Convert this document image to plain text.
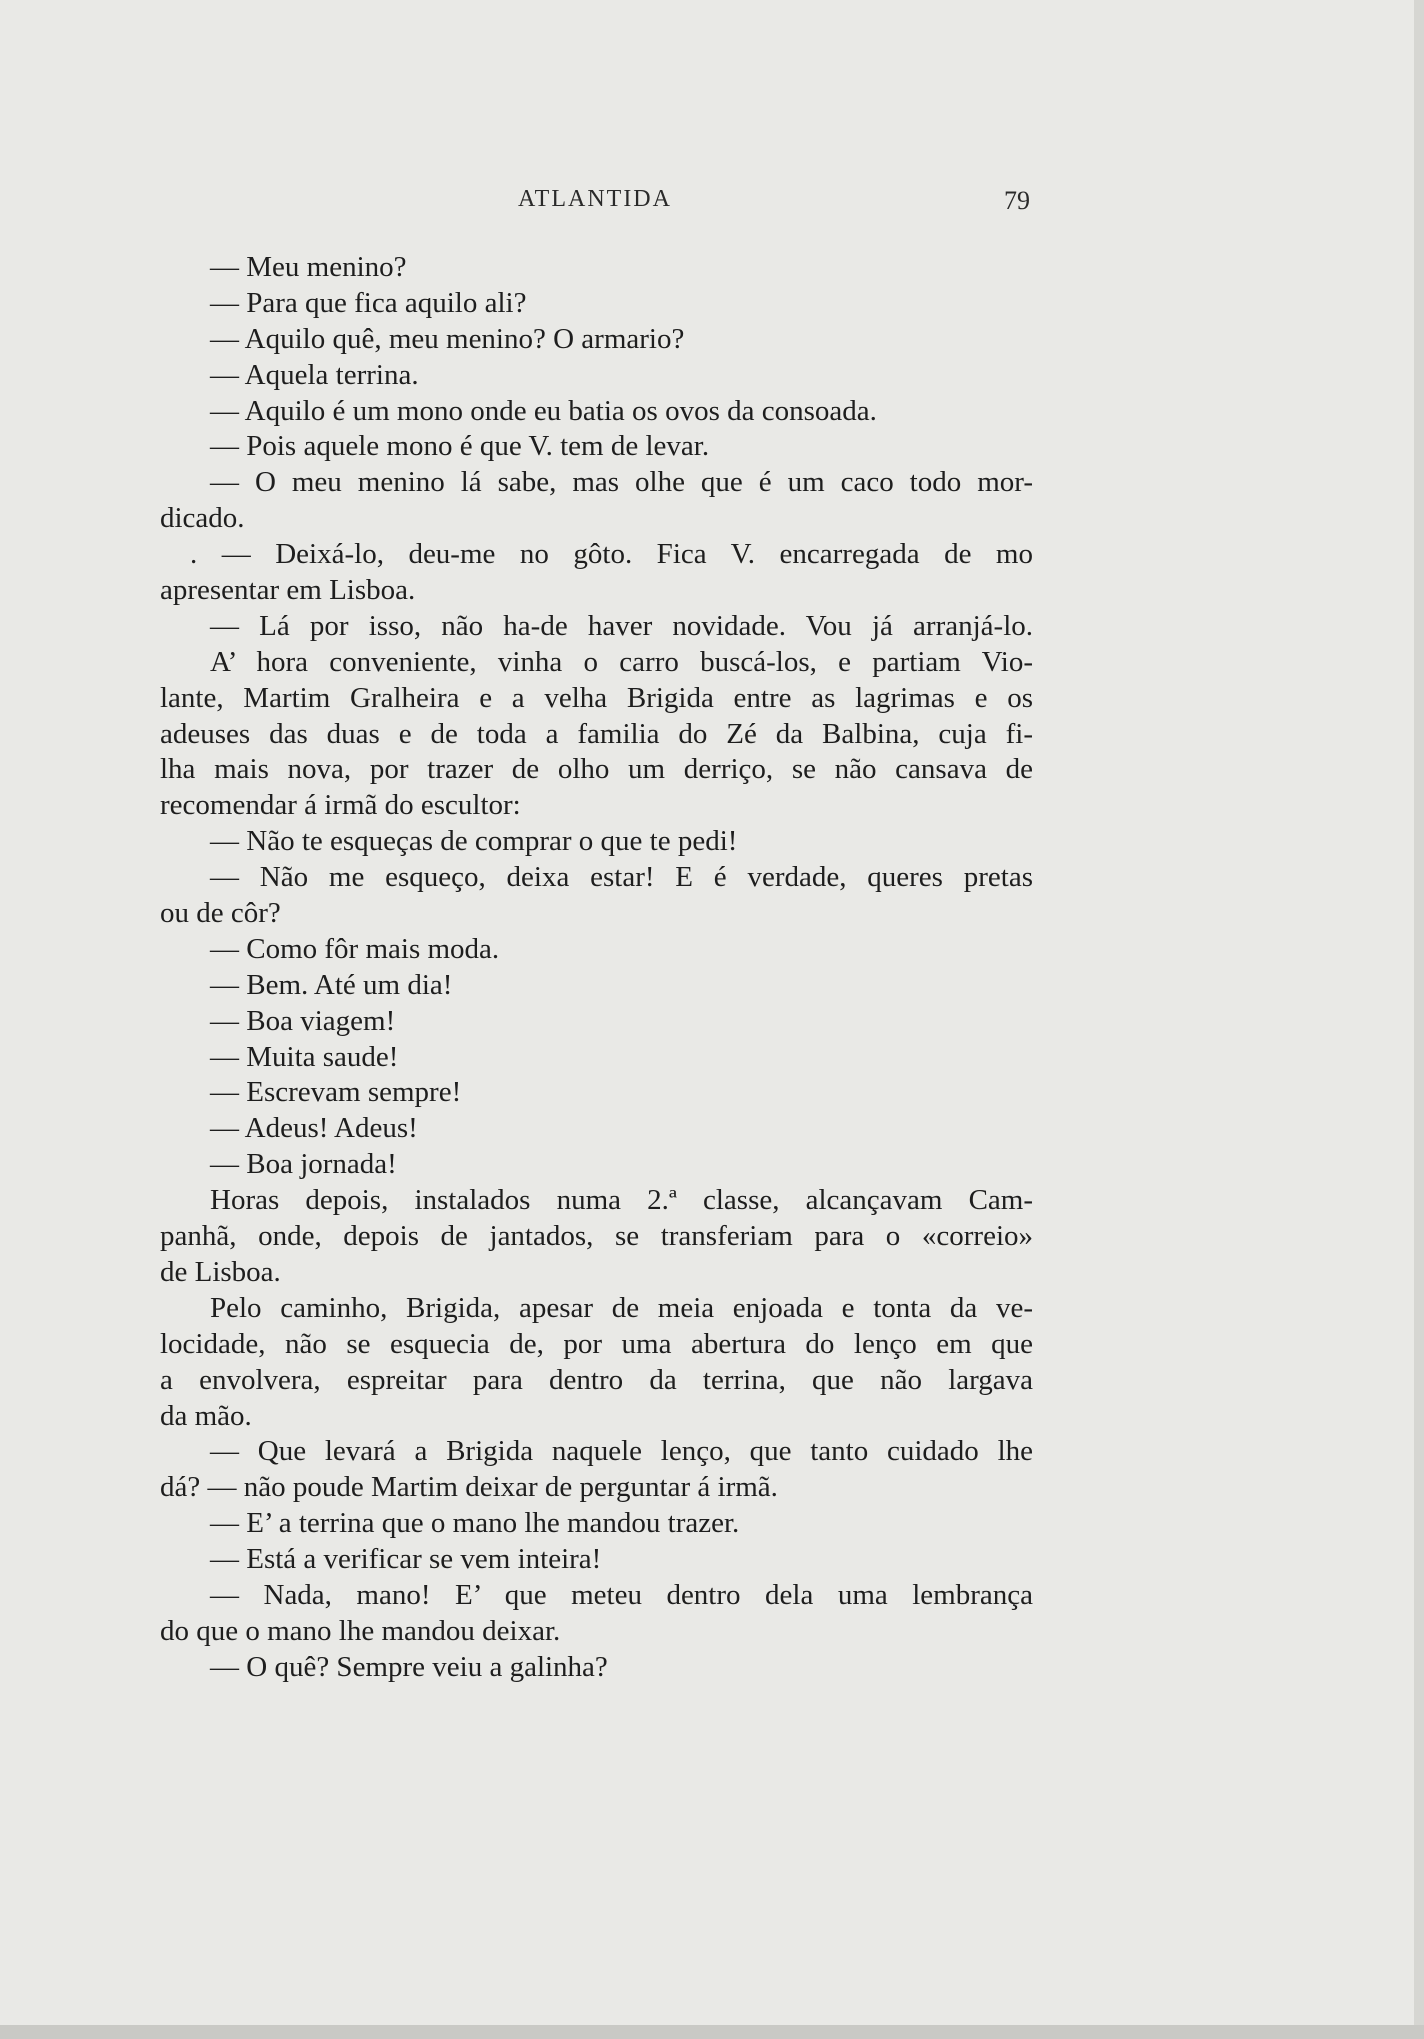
ATLANTIDA	79
— Meu menino?
— Para que fica aquilo ali?
— Aquilo quê, meu menino? O armario?
— Aquela terrina.
— Aquilo é um mono onde eu batia os ovos da consoada.
— Pois aquele mono é que V. tem de levar.
— O meu menino lá sabe, mas olhe que é um caco todo mor-
dicado.
. — Deixá-lo, deu-me no gôto. Fica V. encarregada de mo
apresentar em Lisboa.
— Lá por isso, não ha-de haver novidade. Vou já arranjá-lo.
A’ hora conveniente, vinha o carro buscá-los, e partiam Vio-
lante, Martim Gralheira e a velha Brigida entre as lagrimas e os
adeuses das duas e de toda a familia do Zé da Balbina, cuja fi-
lha mais nova, por trazer de olho um derriço, se não cansava de
recomendar á irmã do escultor:
— Não te esqueças de comprar o que te pedi!
— Não me esqueço, deixa estar! E é verdade, queres pretas
ou de côr?
— Como fôr mais moda.
— Bem. Até um dia!
— Boa viagem!
— Muita saude!
— Escrevam sempre!
— Adeus! Adeus!
— Boa jornada!
Horas depois, instalados numa 2.ª classe, alcançavam Cam-
panhã, onde, depois de jantados, se transferiam para o «correio»
de Lisboa.
Pelo caminho, Brigida, apesar de meia enjoada e tonta da ve-
locidade, não se esquecia de, por uma abertura do lenço em que
a envolvera, espreitar para dentro da terrina, que não largava
da mão.
— Que levará a Brigida naquele lenço, que tanto cuidado lhe
dá? — não poude Martim deixar de perguntar á irmã.
— E’ a terrina que o mano lhe mandou trazer.
— Está a verificar se vem inteira!
— Nada, mano! E’ que meteu dentro dela uma lembrança
do que o mano lhe mandou deixar.
— O quê? Sempre veiu a galinha?
